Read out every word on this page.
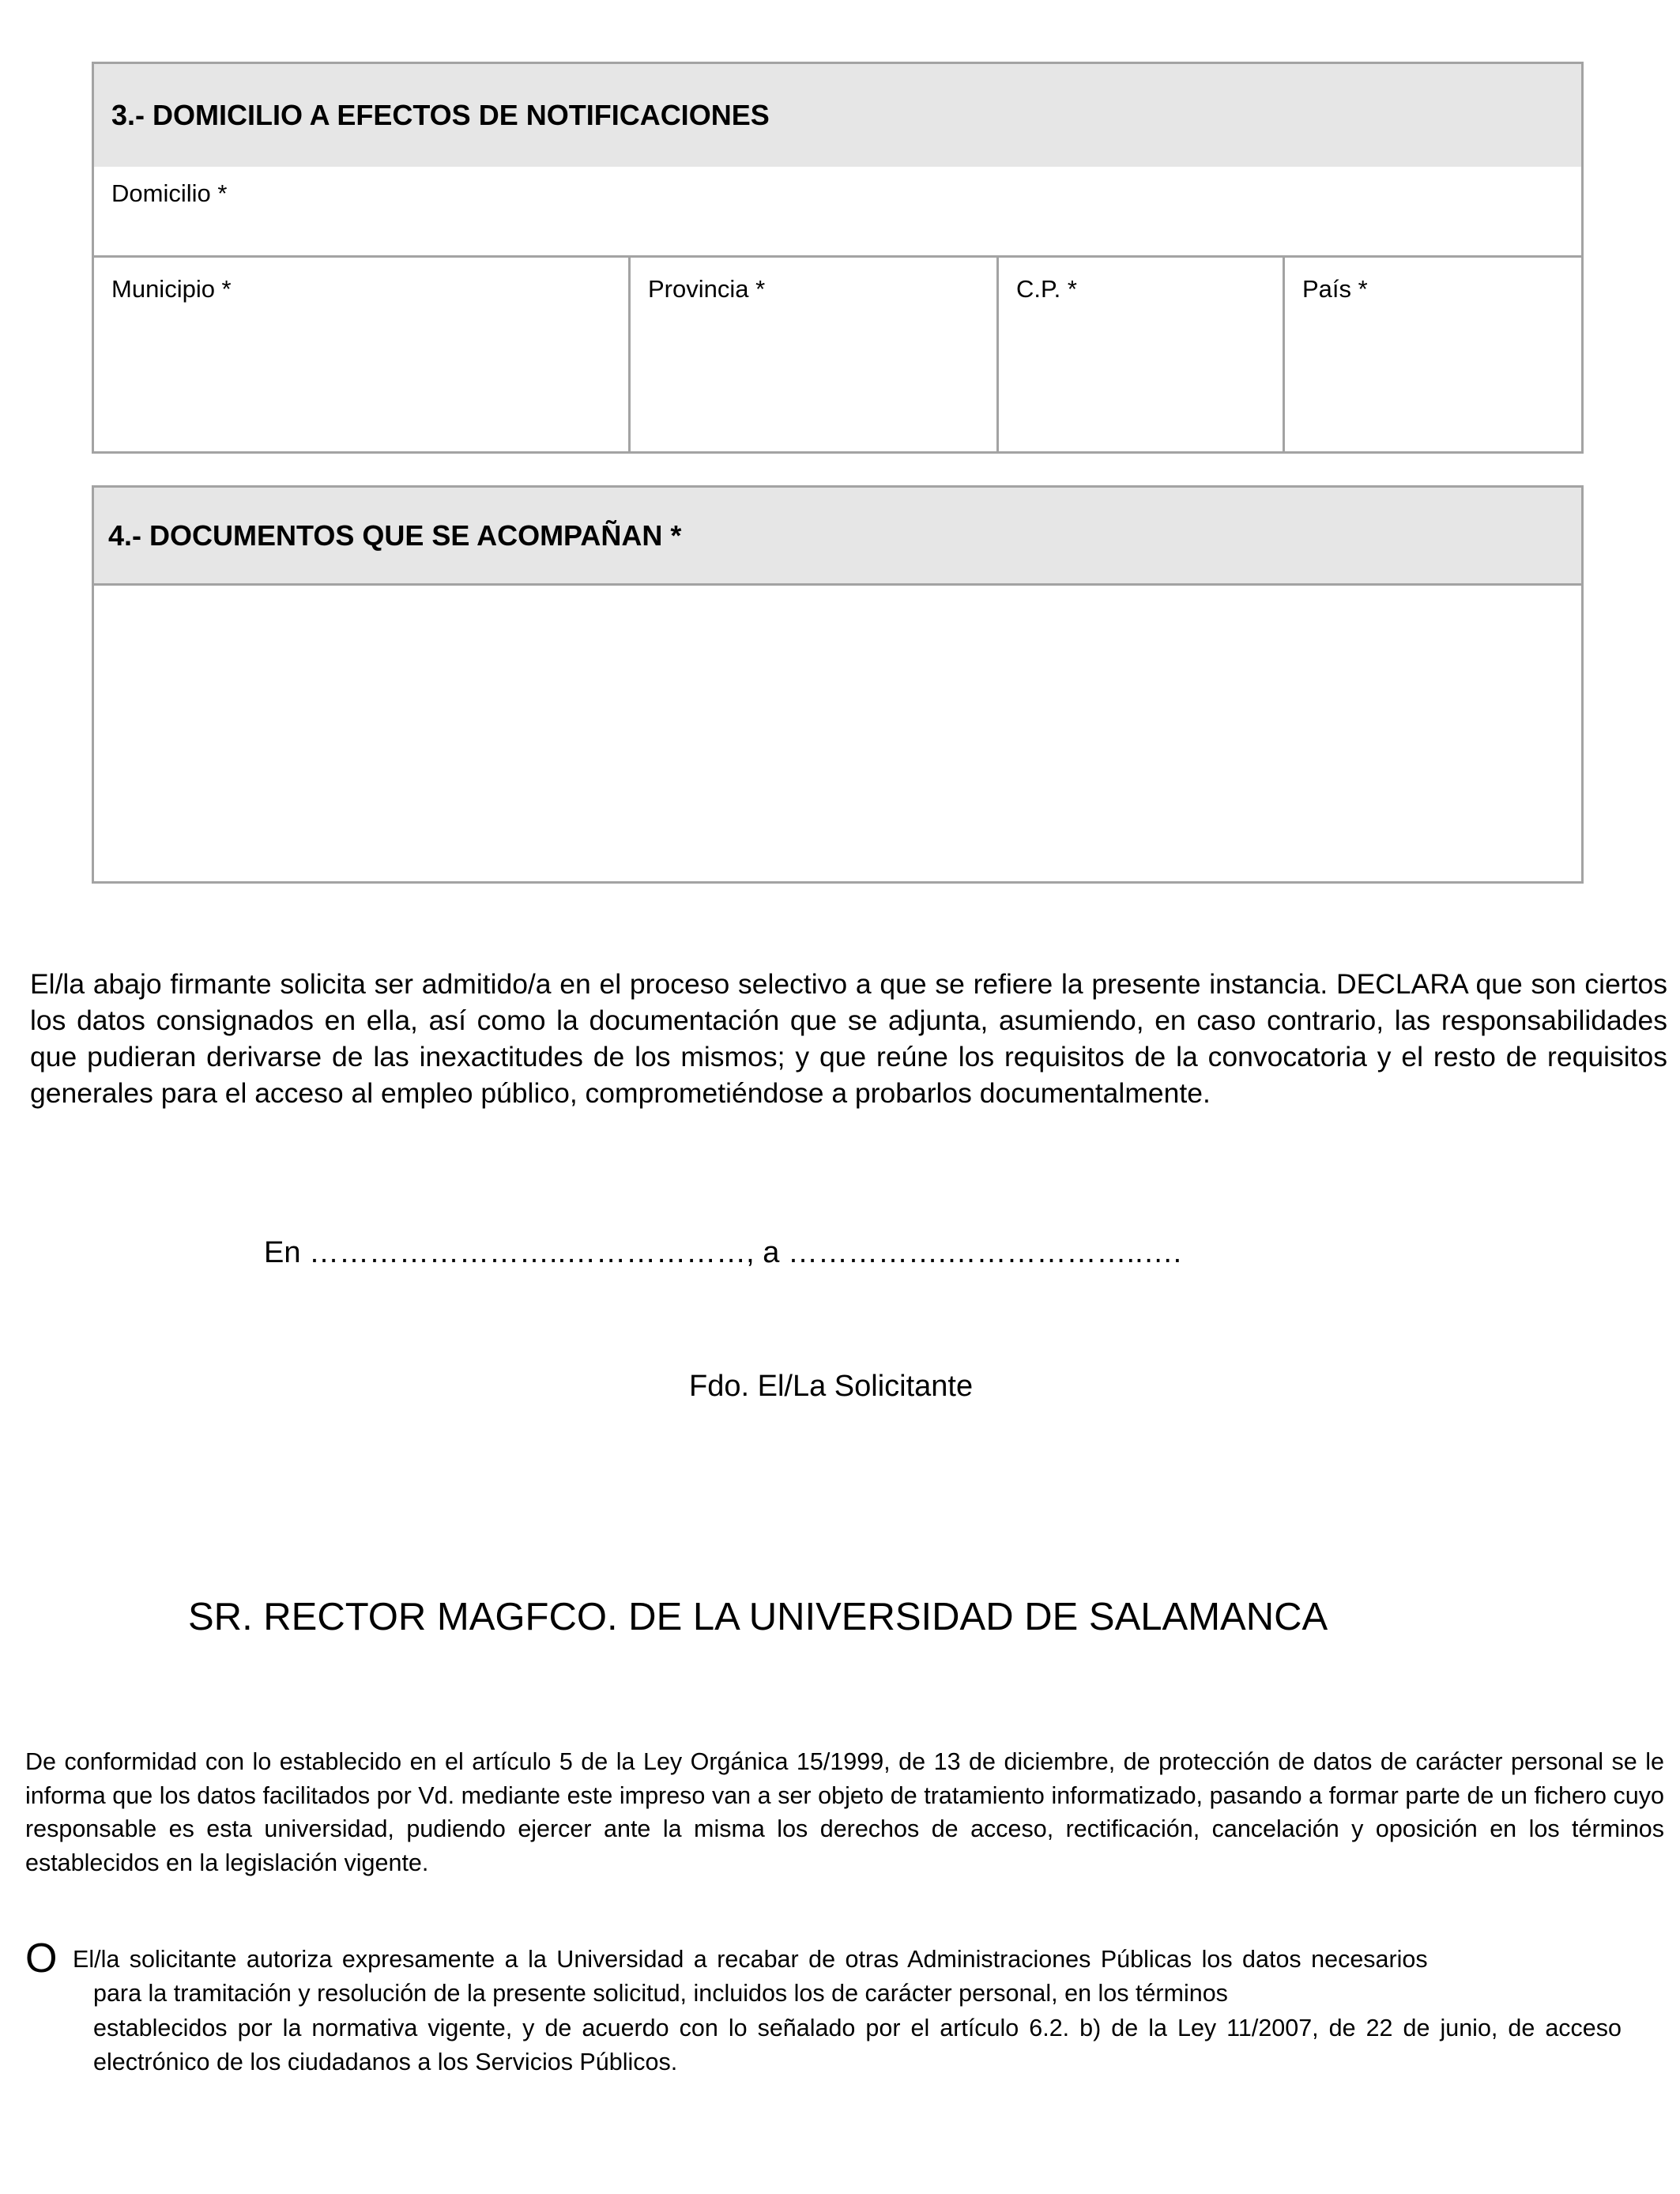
3.- DOMICILIO A EFECTOS DE NOTIFICACIONES
Domicilio *
Municipio *	Provincia *	C.P. *	País *
4.- DOCUMENTOS QUE SE ACOMPAÑAN *
El/la abajo firmante solicita ser admitido/a en el proceso selectivo a que se refiere la presente instancia. DECLARA que son ciertos los datos consignados en ella, así como la documentación que se adjunta, asumiendo, en caso contrario, las responsabilidades que pudieran derivarse de las inexactitudes de los mismos; y que reúne los requisitos de la convocatoria y el resto de requisitos generales para el acceso al empleo público, comprometiéndose a probarlos documentalmente.
En ……………………..………………, a …………….………………..….
Fdo. El/La Solicitante
SR. RECTOR MAGFCO. DE LA UNIVERSIDAD DE SALAMANCA
De conformidad con lo establecido en el artículo 5 de la Ley Orgánica 15/1999, de 13 de diciembre, de protección de datos de carácter personal se le informa que los datos facilitados por Vd. mediante este impreso van a ser objeto de tratamiento informatizado, pasando a formar parte de un fichero cuyo responsable es esta universidad, pudiendo ejercer ante la misma los derechos de acceso, rectificación, cancelación y oposición en los términos establecidos en la legislación vigente.
O El/la solicitante autoriza expresamente a la Universidad a recabar de otras Administraciones Públicas los datos necesarios
para la tramitación y resolución de la presente solicitud, incluidos los de carácter personal, en los términos
establecidos por la normativa vigente, y de acuerdo con lo señalado por el artículo 6.2. b) de la Ley 11/2007, de 22 de junio, de acceso electrónico de los ciudadanos a los Servicios Públicos.
